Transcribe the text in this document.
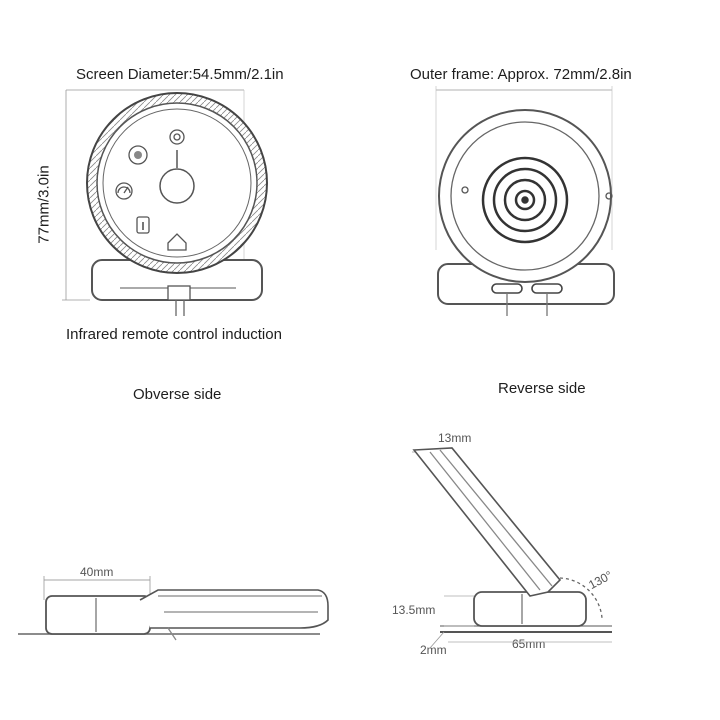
Screen Diameter:54.5mm/2.1in	Outer frame: Approx. 72mm/2.8in
77mm/3.0in
Infrared remote control induction
Obverse side	Reverse side
40mm
13mm
13.5mm
2mm	65mm
130°
